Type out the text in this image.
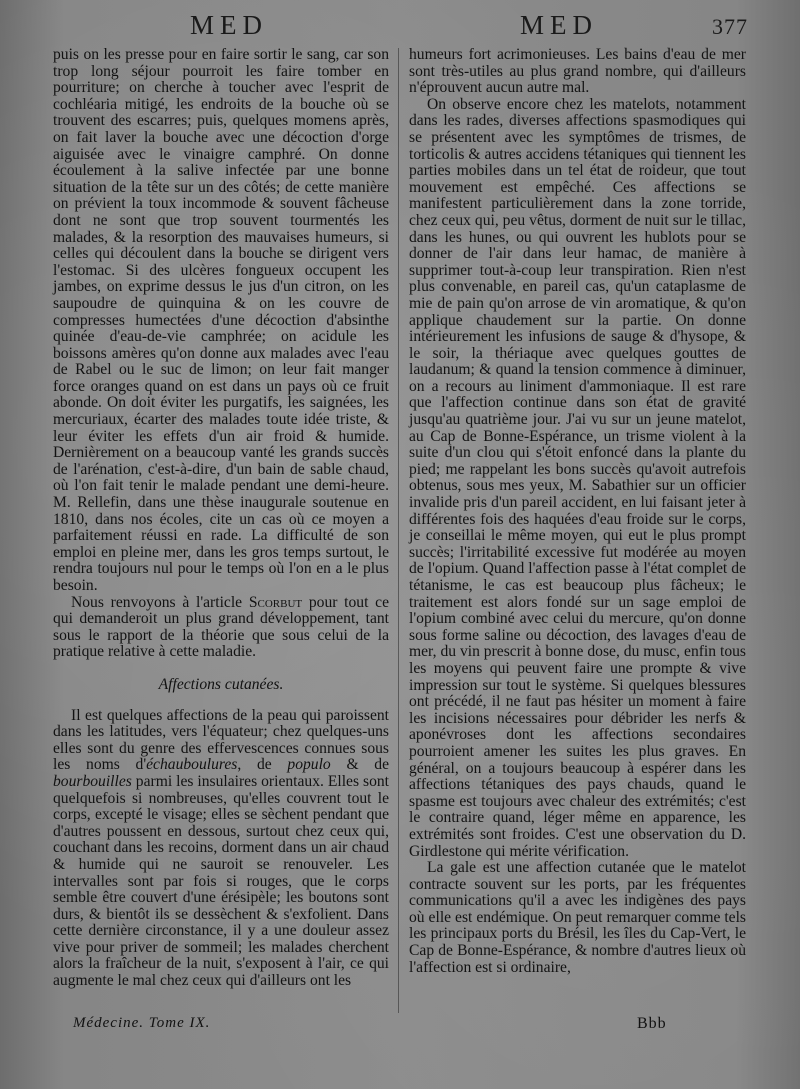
MED	MED	377

puis on les presse pour en faire sortir le sang, car son trop long séjour pourroit les faire tomber en pourriture; on cherche à toucher avec l'esprit de cochléaria mitigé, les endroits de la bouche où se trouvent des escarres; puis, quelques momens après, on fait laver la bouche avec une décoction d'orge aiguisée avec le vinaigre camphré. On donne écoulement à la salive infectée par une bonne situation de la tête sur un des côtés; de cette manière on prévient la toux incommode & souvent fâcheuse dont ne sont que trop souvent tourmentés les malades, & la resorption des mauvaises humeurs, si celles qui découlent dans la bouche se dirigent vers l'estomac. Si des ulcères fongueux occupent les jambes, on exprime dessus le jus d'un citron, on les saupoudre de quinquina & on les couvre de compresses humectées d'une décoction d'absinthe quinée d'eau-de-vie camphrée; on acidule les boissons amères qu'on donne aux malades avec l'eau de Rabel ou le suc de limon; on leur fait manger force oranges quand on est dans un pays où ce fruit abonde. On doit éviter les purgatifs, les saignées, les mercuriaux, écarter des malades toute idée triste, & leur éviter les effets d'un air froid & humide. Dernièrement on a beaucoup vanté les grands succès de l'arénation, c'est-à-dire, d'un bain de sable chaud, où l'on fait tenir le malade pendant une demi-heure. M. Rellefin, dans une thèse inaugurale soutenue en 1810, dans nos écoles, cite un cas où ce moyen a parfaitement réussi en rade. La difficulté de son emploi en pleine mer, dans les gros temps surtout, le rendra toujours nul pour le temps où l'on en a le plus besoin.

Nous renvoyons à l'article Scorbut pour tout ce qui demanderoit un plus grand développement, tant sous le rapport de la théorie que sous celui de la pratique relative à cette maladie.

Affections cutanées.

Il est quelques affections de la peau qui paroissent dans les latitudes, vers l'équateur; chez quelques-uns elles sont du genre des effervescences connues sous les noms d'échauboulures, de populo & de bourbouilles parmi les insulaires orientaux. Elles sont quelquefois si nombreuses, qu'elles couvrent tout le corps, excepté le visage; elles se sèchent pendant que d'autres poussent en dessous, surtout chez ceux qui, couchant dans les recoins, dorment dans un air chaud & humide qui ne sauroit se renouveler. Les intervalles sont par fois si rouges, que le corps semble être couvert d'une érésipèle; les boutons sont durs, & bientôt ils se dessèchent & s'exfolient. Dans cette dernière circonstance, il y a une douleur assez vive pour priver de sommeil; les malades cherchent alors la fraîcheur de la nuit, s'exposent à l'air, ce qui augmente le mal chez ceux qui d'ailleurs ont les

humeurs fort acrimonieuses. Les bains d'eau de mer sont très-utiles au plus grand nombre, qui d'ailleurs n'éprouvent aucun autre mal.

On observe encore chez les matelots, notamment dans les rades, diverses affections spasmodiques qui se présentent avec les symptômes de trismes, de torticolis & autres accidens tétaniques qui tiennent les parties mobiles dans un tel état de roideur, que tout mouvement est empêché. Ces affections se manifestent particulièrement dans la zone torride, chez ceux qui, peu vêtus, dorment de nuit sur le tillac, dans les hunes, ou qui ouvrent les hublots pour se donner de l'air dans leur hamac, de manière à supprimer tout-à-coup leur transpiration. Rien n'est plus convenable, en pareil cas, qu'un cataplasme de mie de pain qu'on arrose de vin aromatique, & qu'on applique chaudement sur la partie. On donne intérieurement les infusions de sauge & d'hysope, & le soir, la thériaque avec quelques gouttes de laudanum; & quand la tension commence à diminuer, on a recours au liniment d'ammoniaque. Il est rare que l'affection continue dans son état de gravité jusqu'au quatrième jour. J'ai vu sur un jeune matelot, au Cap de Bonne-Espérance, un trisme violent à la suite d'un clou qui s'étoit enfoncé dans la plante du pied; me rappelant les bons succès qu'avoit autrefois obtenus, sous mes yeux, M. Sabathier sur un officier invalide pris d'un pareil accident, en lui faisant jeter à différentes fois des haquées d'eau froide sur le corps, je conseillai le même moyen, qui eut le plus prompt succès; l'irritabilité excessive fut modérée au moyen de l'opium. Quand l'affection passe à l'état complet de tétanisme, le cas est beaucoup plus fâcheux; le traitement est alors fondé sur un sage emploi de l'opium combiné avec celui du mercure, qu'on donne sous forme saline ou décoction, des lavages d'eau de mer, du vin prescrit à bonne dose, du musc, enfin tous les moyens qui peuvent faire une prompte & vive impression sur tout le système. Si quelques blessures ont précédé, il ne faut pas hésiter un moment à faire les incisions nécessaires pour débrider les nerfs & aponévroses dont les affections secondaires pourroient amener les suites les plus graves. En général, on a toujours beaucoup à espérer dans les affections tétaniques des pays chauds, quand le spasme est toujours avec chaleur des extrémités; c'est le contraire quand, léger même en apparence, les extrémités sont froides. C'est une observation du D. Girdlestone qui mérite vérification.

La gale est une affection cutanée que le matelot contracte souvent sur les ports, par les fréquentes communications qu'il a avec les indigènes des pays où elle est endémique. On peut remarquer comme tels les principaux ports du Brésil, les îles du Cap-Vert, le Cap de Bonne-Espérance, & nombre d'autres lieux où l'affection est si ordinaire,

Médecine. Tome IX.	Bbb
